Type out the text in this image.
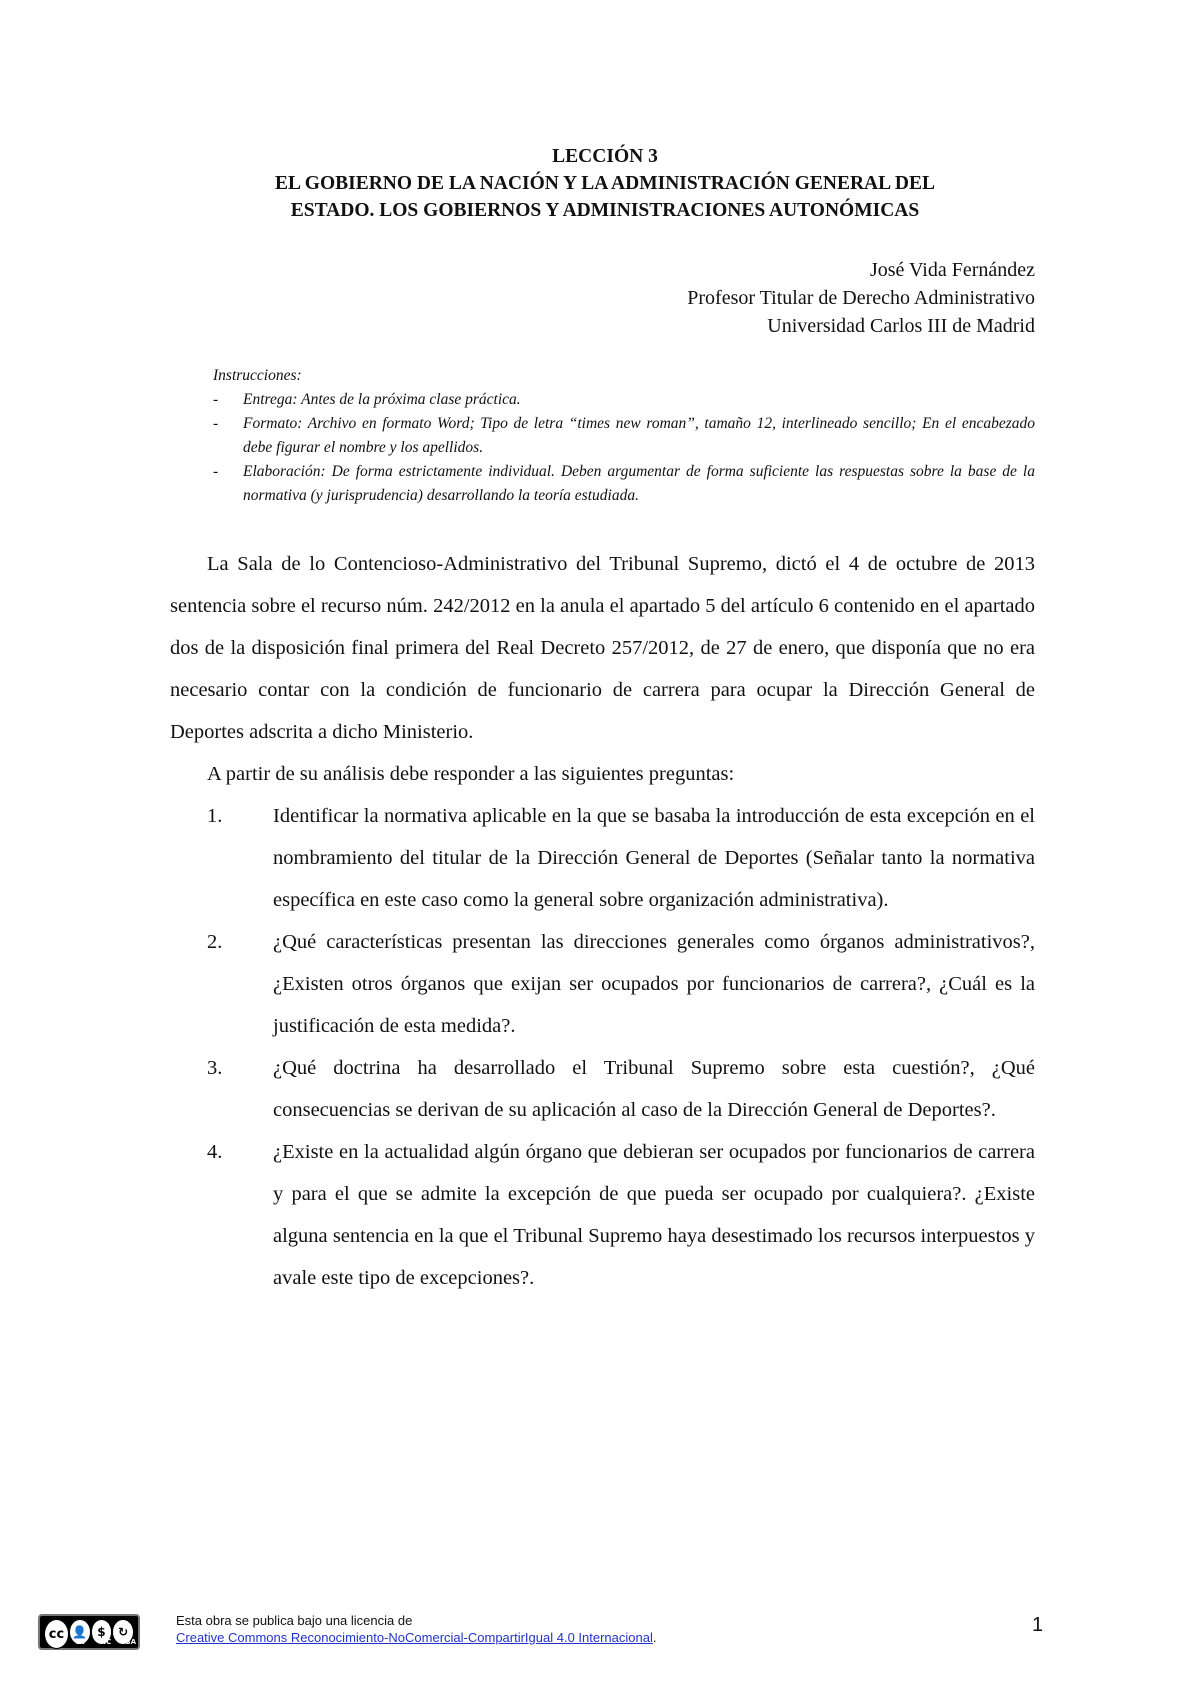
LECCIÓN 3
EL GOBIERNO DE LA NACIÓN Y LA ADMINISTRACIÓN GENERAL DEL
ESTADO. LOS GOBIERNOS Y ADMINISTRACIONES AUTONÓMICAS
José Vida Fernández
Profesor Titular de Derecho Administrativo
Universidad Carlos III de Madrid
Instrucciones:
-	Entrega: Antes de la próxima clase práctica.
-	Formato: Archivo en formato Word; Tipo de letra “times new roman”, tamaño 12, interlineado sencillo; En el encabezado debe figurar el nombre y los apellidos.
-	Elaboración: De forma estrictamente individual. Deben argumentar de forma suficiente las respuestas sobre la base de la normativa (y jurisprudencia) desarrollando la teoría estudiada.

La Sala de lo Contencioso-Administrativo del Tribunal Supremo, dictó el 4 de octubre de 2013 sentencia sobre el recurso núm. 242/2012 en la anula el apartado 5 del artículo 6 contenido en el apartado dos de la disposición final primera del Real Decreto 257/2012, de 27 de enero, que disponía que no era necesario contar con la condición de funcionario de carrera para ocupar la Dirección General de Deportes adscrita a dicho Ministerio.

A partir de su análisis debe responder a las siguientes preguntas:

1.	Identificar la normativa aplicable en la que se basaba la introducción de esta excepción en el nombramiento del titular de la Dirección General de Deportes (Señalar tanto la normativa específica en este caso como la general sobre organización administrativa).
2.	¿Qué características presentan las direcciones generales como órganos administrativos?, ¿Existen otros órganos que exijan ser ocupados por funcionarios de carrera?, ¿Cuál es la justificación de esta medida?.
3.	¿Qué doctrina ha desarrollado el Tribunal Supremo sobre esta cuestión?, ¿Qué consecuencias se derivan de su aplicación al caso de la Dirección General de Deportes?.
4.	¿Existe en la actualidad algún órgano que debieran ser ocupados por funcionarios de carrera y para el que se admite la excepción de que pueda ser ocupado por cualquiera?. ¿Existe alguna sentencia en la que el Tribunal Supremo haya desestimado los recursos interpuestos y avale este tipo de excepciones?.
cc 👤 $	↻
BY NC SA
Esta obra se publica bajo una licencia de
Creative Commons Reconocimiento-NoComercial-CompartirIgual 4.0 Internacional.
1
